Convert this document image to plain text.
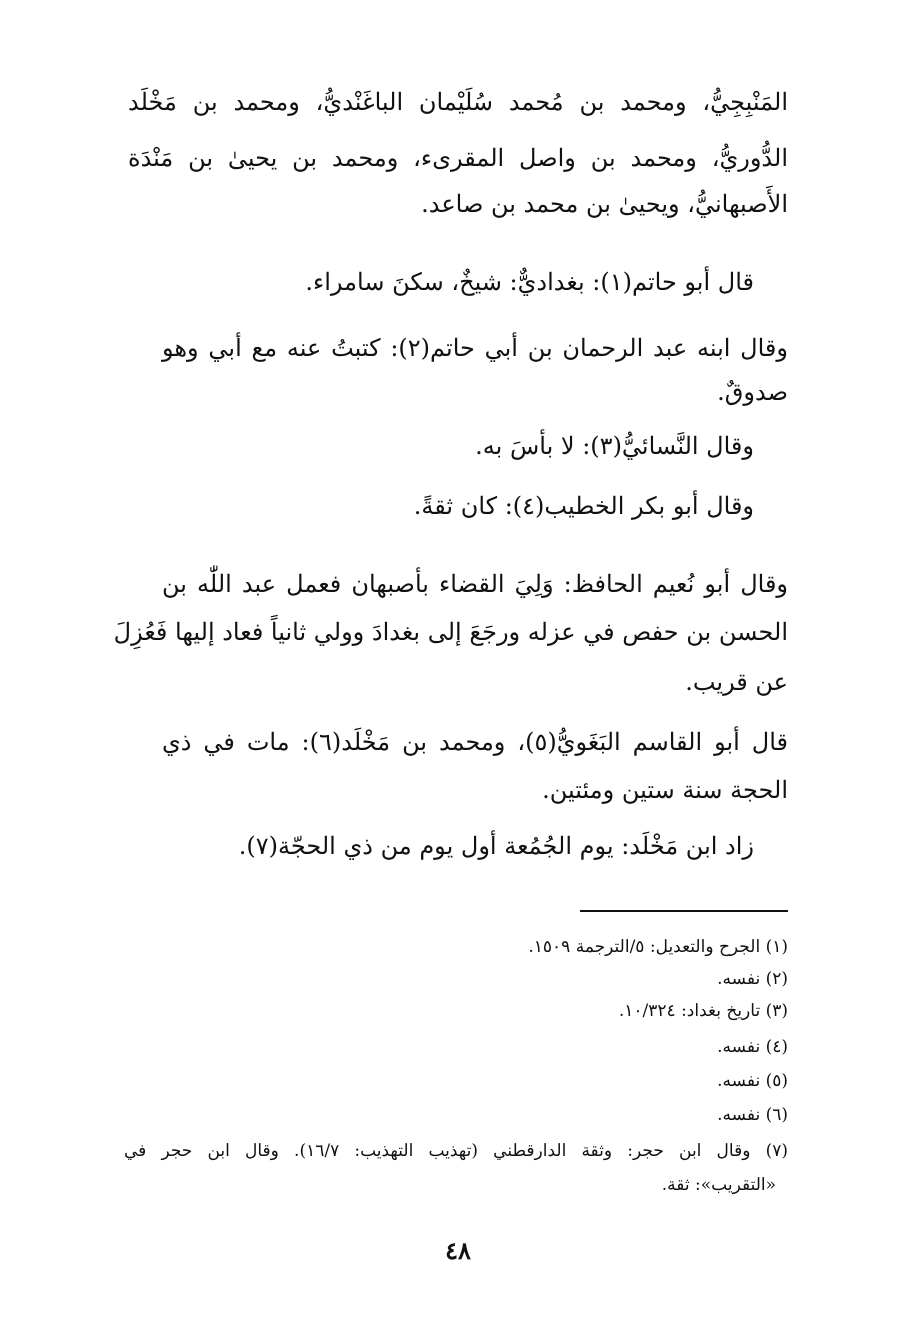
المَنْبِجِيُّ، ومحمد بن مُحمد سُلَيْمان الباغَنْديُّ، ومحمد بن مَخْلَد
الدُّوريُّ، ومحمد بن واصل المقرىء، ومحمد بن يحيىٰ بن مَنْدَة
الأَصبهانيُّ، ويحيىٰ بن محمد بن صاعد.
قال أبو حاتم(١): بغداديٌّ: شيخٌ، سكنَ سامراء.
وقال ابنه عبد الرحمان بن أبي حاتم(٢): كتبتُ عنه مع أبي وهو
صدوقٌ.
وقال النَّسائيُّ(٣): لا بأسَ به.
وقال أبو بكر الخطيب(٤): كان ثقةً.
وقال أبو نُعيم الحافظ: وَلِيَ القضاء بأصبهان فعمل عبد اللّٰه بن
الحسن بن حفص في عزله ورجَعَ إلى بغدادَ وولي ثانياً فعاد إليها فَعُزِلَ
عن قريب.
قال أبو القاسم البَغَويُّ(٥)، ومحمد بن مَخْلَد(٦): مات في ذي
الحجة سنة ستين ومئتين.
زاد ابن مَخْلَد: يوم الجُمُعة أول يوم من ذي الحجّة(٧).
(١) الجرح والتعديل: ٥/الترجمة ١٥٠٩.
(٢) نفسه.
(٣) تاريخ بغداد: ١٠/٣٢٤.
(٤) نفسه.
(٥) نفسه.
(٦) نفسه.
(٧) وقال ابن حجر: وثقة الدارقطني (تهذيب التهذيب: ١٦/٧). وقال ابن حجر في
«التقريب»: ثقة.
٤٨
